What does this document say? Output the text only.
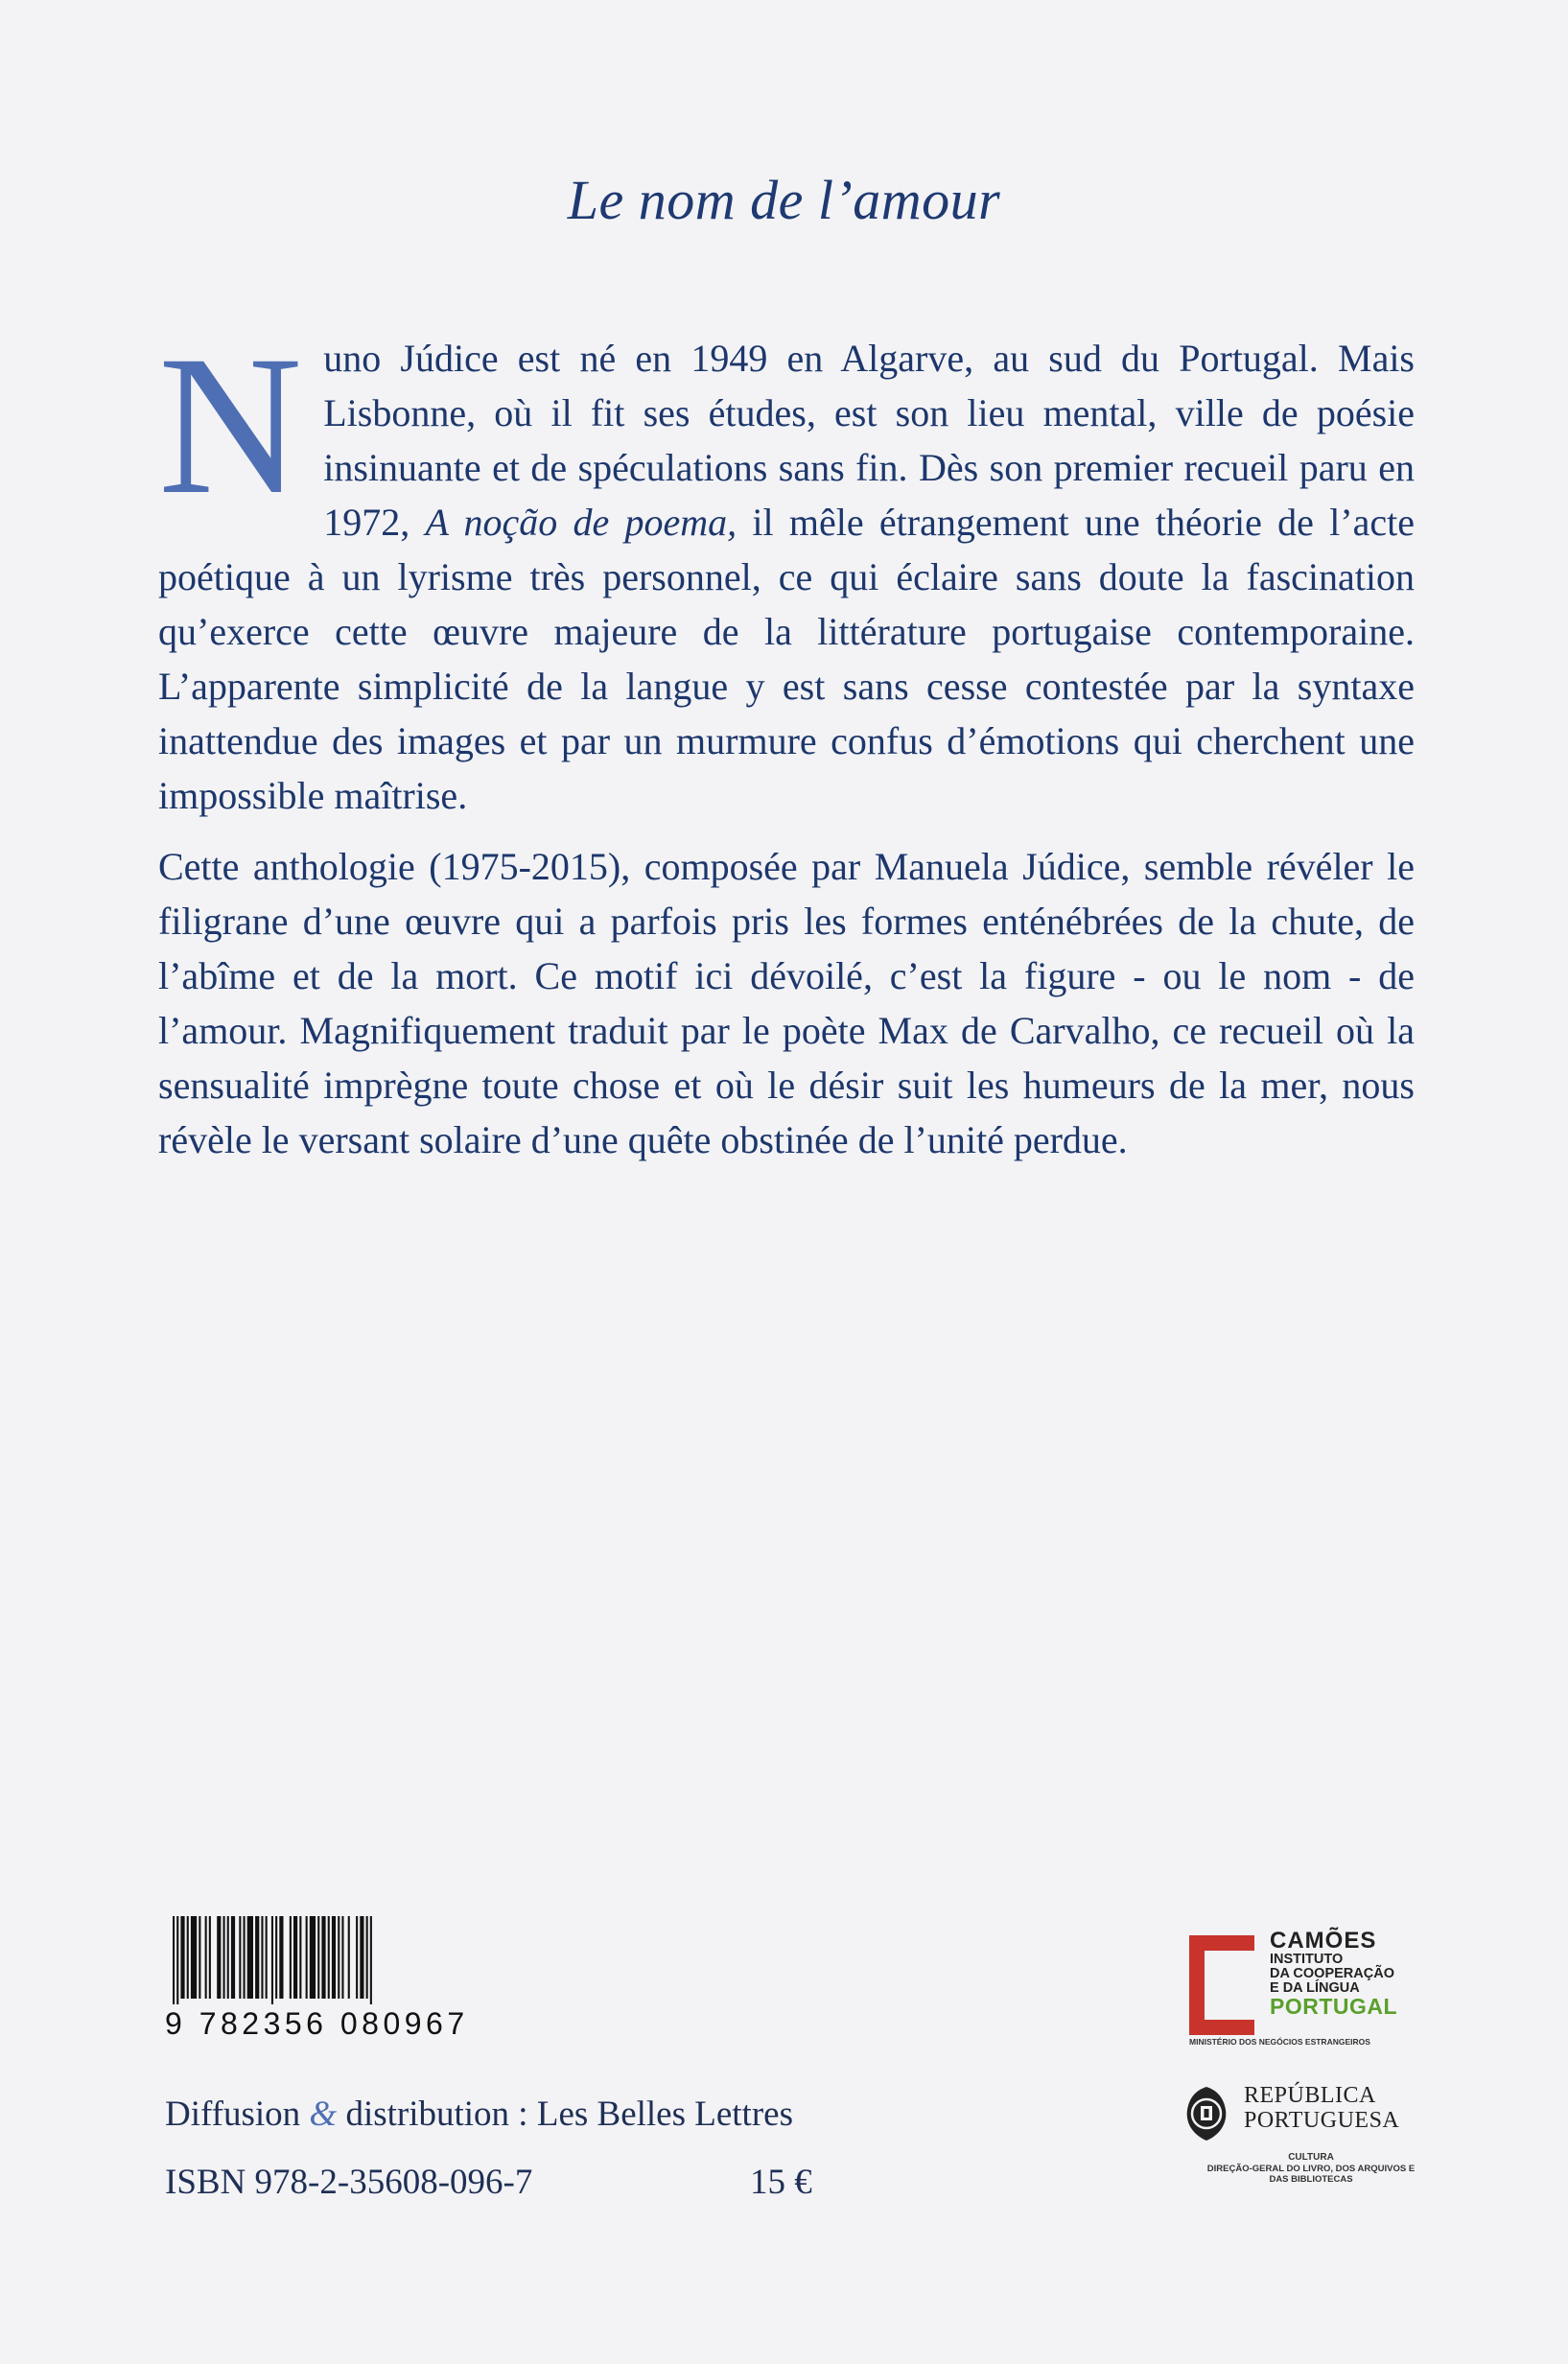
Le nom de l’amour

Nuno Júdice est né en 1949 en Algarve, au sud du Portugal. Mais Lisbonne, où il fit ses études, est son lieu mental, ville de poésie insinuante et de spéculations sans fin. Dès son premier recueil paru en 1972, A noção de poema, il mêle étrangement une théorie de l’acte poétique à un lyrisme très personnel, ce qui éclaire sans doute la fascination qu’exerce cette œuvre majeure de la littérature portugaise contemporaine. L’apparente simplicité de la langue y est sans cesse contestée par la syntaxe inattendue des images et par un murmure confus d’émotions qui cherchent une impossible maîtrise.

Cette anthologie (1975-2015), composée par Manuela Júdice, semble révéler le filigrane d’une œuvre qui a parfois pris les formes enténébrées de la chute, de l’abîme et de la mort. Ce motif ici dévoilé, c’est la figure - ou le nom - de l’amour. Magnifiquement traduit par le poète Max de Carvalho, ce recueil où la sensualité imprègne toute chose et où le désir suit les humeurs de la mer, nous révèle le versant solaire d’une quête obstinée de l’unité perdue.

9 782356 080967
Diffusion & distribution : Les Belles Lettres
ISBN 978-2-35608-096-7	15 €
CAMÕES
INSTITUTO
DA COOPERAÇÃO
E DA LÍNGUA
PORTUGAL
MINISTÉRIO DOS NEGÓCIOS ESTRANGEIROS
REPÚBLICA
PORTUGUESA
CULTURA
DIREÇÃO-GERAL DO LIVRO, DOS ARQUIVOS E
DAS BIBLIOTECAS
